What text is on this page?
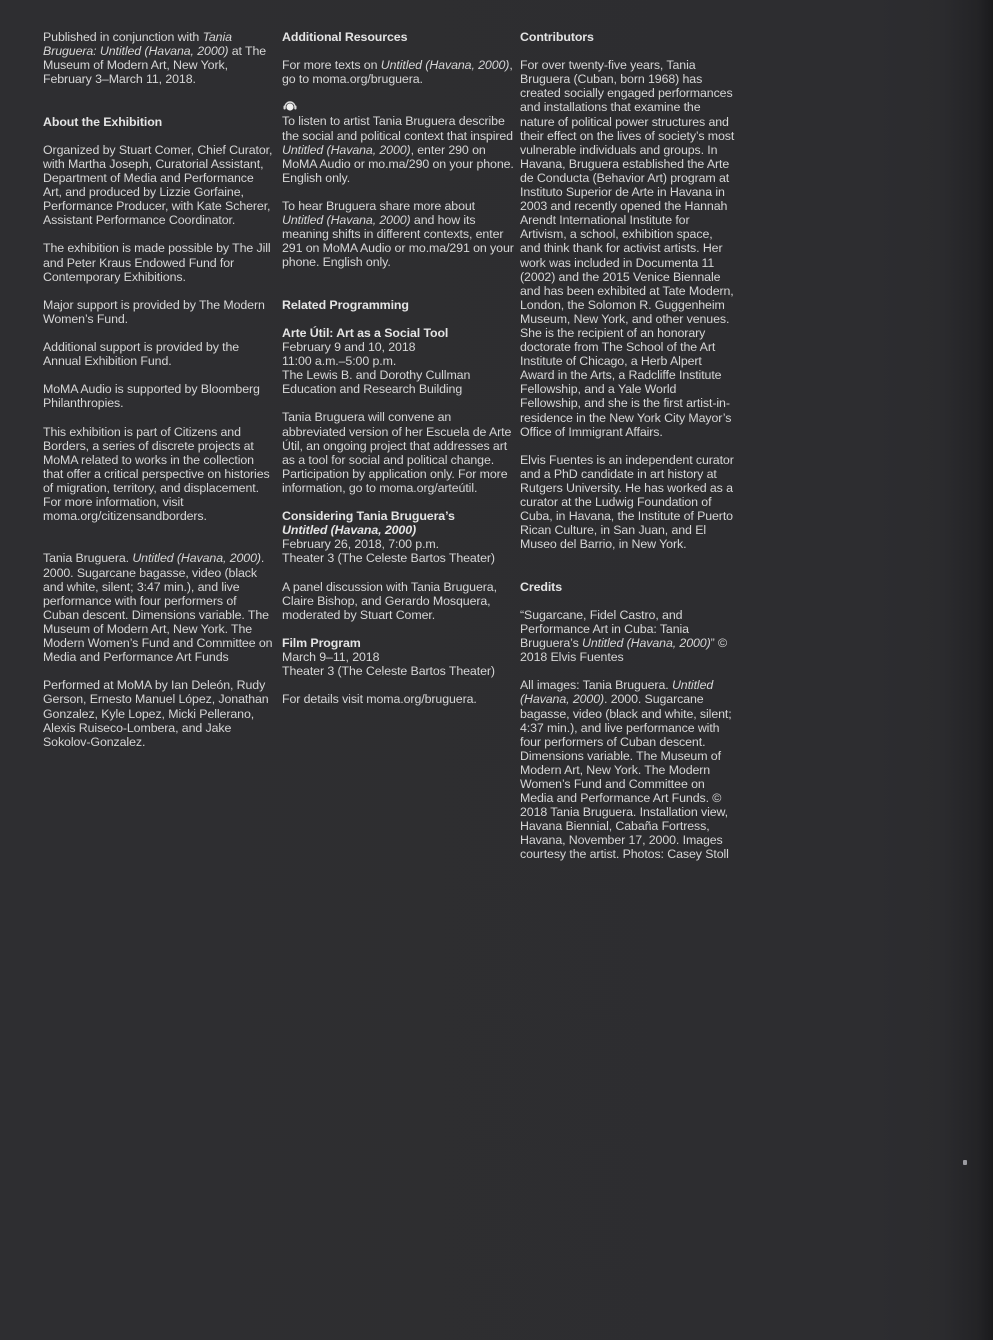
Published in conjunction with Tania Bruguera: Untitled (Havana, 2000) at The Museum of Modern Art, New York, February 3–March 11, 2018.

About the Exhibition

Organized by Stuart Comer, Chief Curator, with Martha Joseph, Curatorial Assistant, Department of Media and Performance Art, and produced by Lizzie Gorfaine, Performance Producer, with Kate Scherer, Assistant Performance Coordinator.

The exhibition is made possible by The Jill and Peter Kraus Endowed Fund for Contemporary Exhibitions.

Major support is provided by The Modern Women’s Fund.

Additional support is provided by the Annual Exhibition Fund.

MoMA Audio is supported by Bloomberg Philanthropies.

This exhibition is part of Citizens and Borders, a series of discrete projects at MoMA related to works in the collection that offer a critical perspective on histories of migration, territory, and displacement. For more information, visit moma.org/citizensandborders.

Tania Bruguera. Untitled (Havana, 2000). 2000. Sugarcane bagasse, video (black and white, silent; 3:47 min.), and live performance with four performers of Cuban descent. Dimensions variable. The Museum of Modern Art, New York. The Modern Women’s Fund and Committee on Media and Performance Art Funds

Performed at MoMA by Ian Deleón, Rudy Gerson, Ernesto Manuel López, Jonathan Gonzalez, Kyle Lopez, Micki Pellerano, Alexis Ruiseco-Lombera, and Jake Sokolov-Gonzalez.

Additional Resources

For more texts on Untitled (Havana, 2000), go to moma.org/bruguera.

To listen to artist Tania Bruguera describe the social and political context that inspired Untitled (Havana, 2000), enter 290 on MoMA Audio or mo.ma/290 on your phone. English only.

To hear Bruguera share more about Untitled (Havana, 2000) and how its meaning shifts in different contexts, enter 291 on MoMA Audio or mo.ma/291 on your phone. English only.

Related Programming

Arte Útil: Art as a Social Tool
February 9 and 10, 2018
11:00 a.m.–5:00 p.m.
The Lewis B. and Dorothy Cullman Education and Research Building

Tania Bruguera will convene an abbreviated version of her Escuela de Arte Útil, an ongoing project that addresses art as a tool for social and political change. Participation by application only. For more information, go to moma.org/arteútil.

Considering Tania Bruguera’s
Untitled (Havana, 2000)
February 26, 2018, 7:00 p.m.
Theater 3 (The Celeste Bartos Theater)

A panel discussion with Tania Bruguera, Claire Bishop, and Gerardo Mosquera, moderated by Stuart Comer.

Film Program
March 9–11, 2018
Theater 3 (The Celeste Bartos Theater)

For details visit moma.org/bruguera.

Contributors

For over twenty-five years, Tania Bruguera (Cuban, born 1968) has created socially engaged performances and installations that examine the nature of political power structures and their effect on the lives of society’s most vulnerable individuals and groups. In Havana, Bruguera established the Arte de Conducta (Behavior Art) program at Instituto Superior de Arte in Havana in 2003 and recently opened the Hannah Arendt International Institute for Artivism, a school, exhibition space, and think thank for activist artists. Her work was included in Documenta 11 (2002) and the 2015 Venice Biennale and has been exhibited at Tate Modern, London, the Solomon R. Guggenheim Museum, New York, and other venues. She is the recipient of an honorary doctorate from The School of the Art Institute of Chicago, a Herb Alpert Award in the Arts, a Radcliffe Institute Fellowship, and a Yale World Fellowship, and she is the first artist-in-residence in the New York City Mayor’s Office of Immigrant Affairs.

Elvis Fuentes is an independent curator and a PhD candidate in art history at Rutgers University. He has worked as a curator at the Ludwig Foundation of Cuba, in Havana, the Institute of Puerto Rican Culture, in San Juan, and El Museo del Barrio, in New York.

Credits

“Sugarcane, Fidel Castro, and Performance Art in Cuba: Tania Bruguera’s Untitled (Havana, 2000)” © 2018 Elvis Fuentes

All images: Tania Bruguera. Untitled (Havana, 2000). 2000. Sugarcane bagasse, video (black and white, silent; 4:37 min.), and live performance with four performers of Cuban descent. Dimensions variable. The Museum of Modern Art, New York. The Modern Women’s Fund and Committee on Media and Performance Art Funds. © 2018 Tania Bruguera. Installation view, Havana Biennial, Cabaña Fortress, Havana, November 17, 2000. Images courtesy the artist. Photos: Casey Stoll
